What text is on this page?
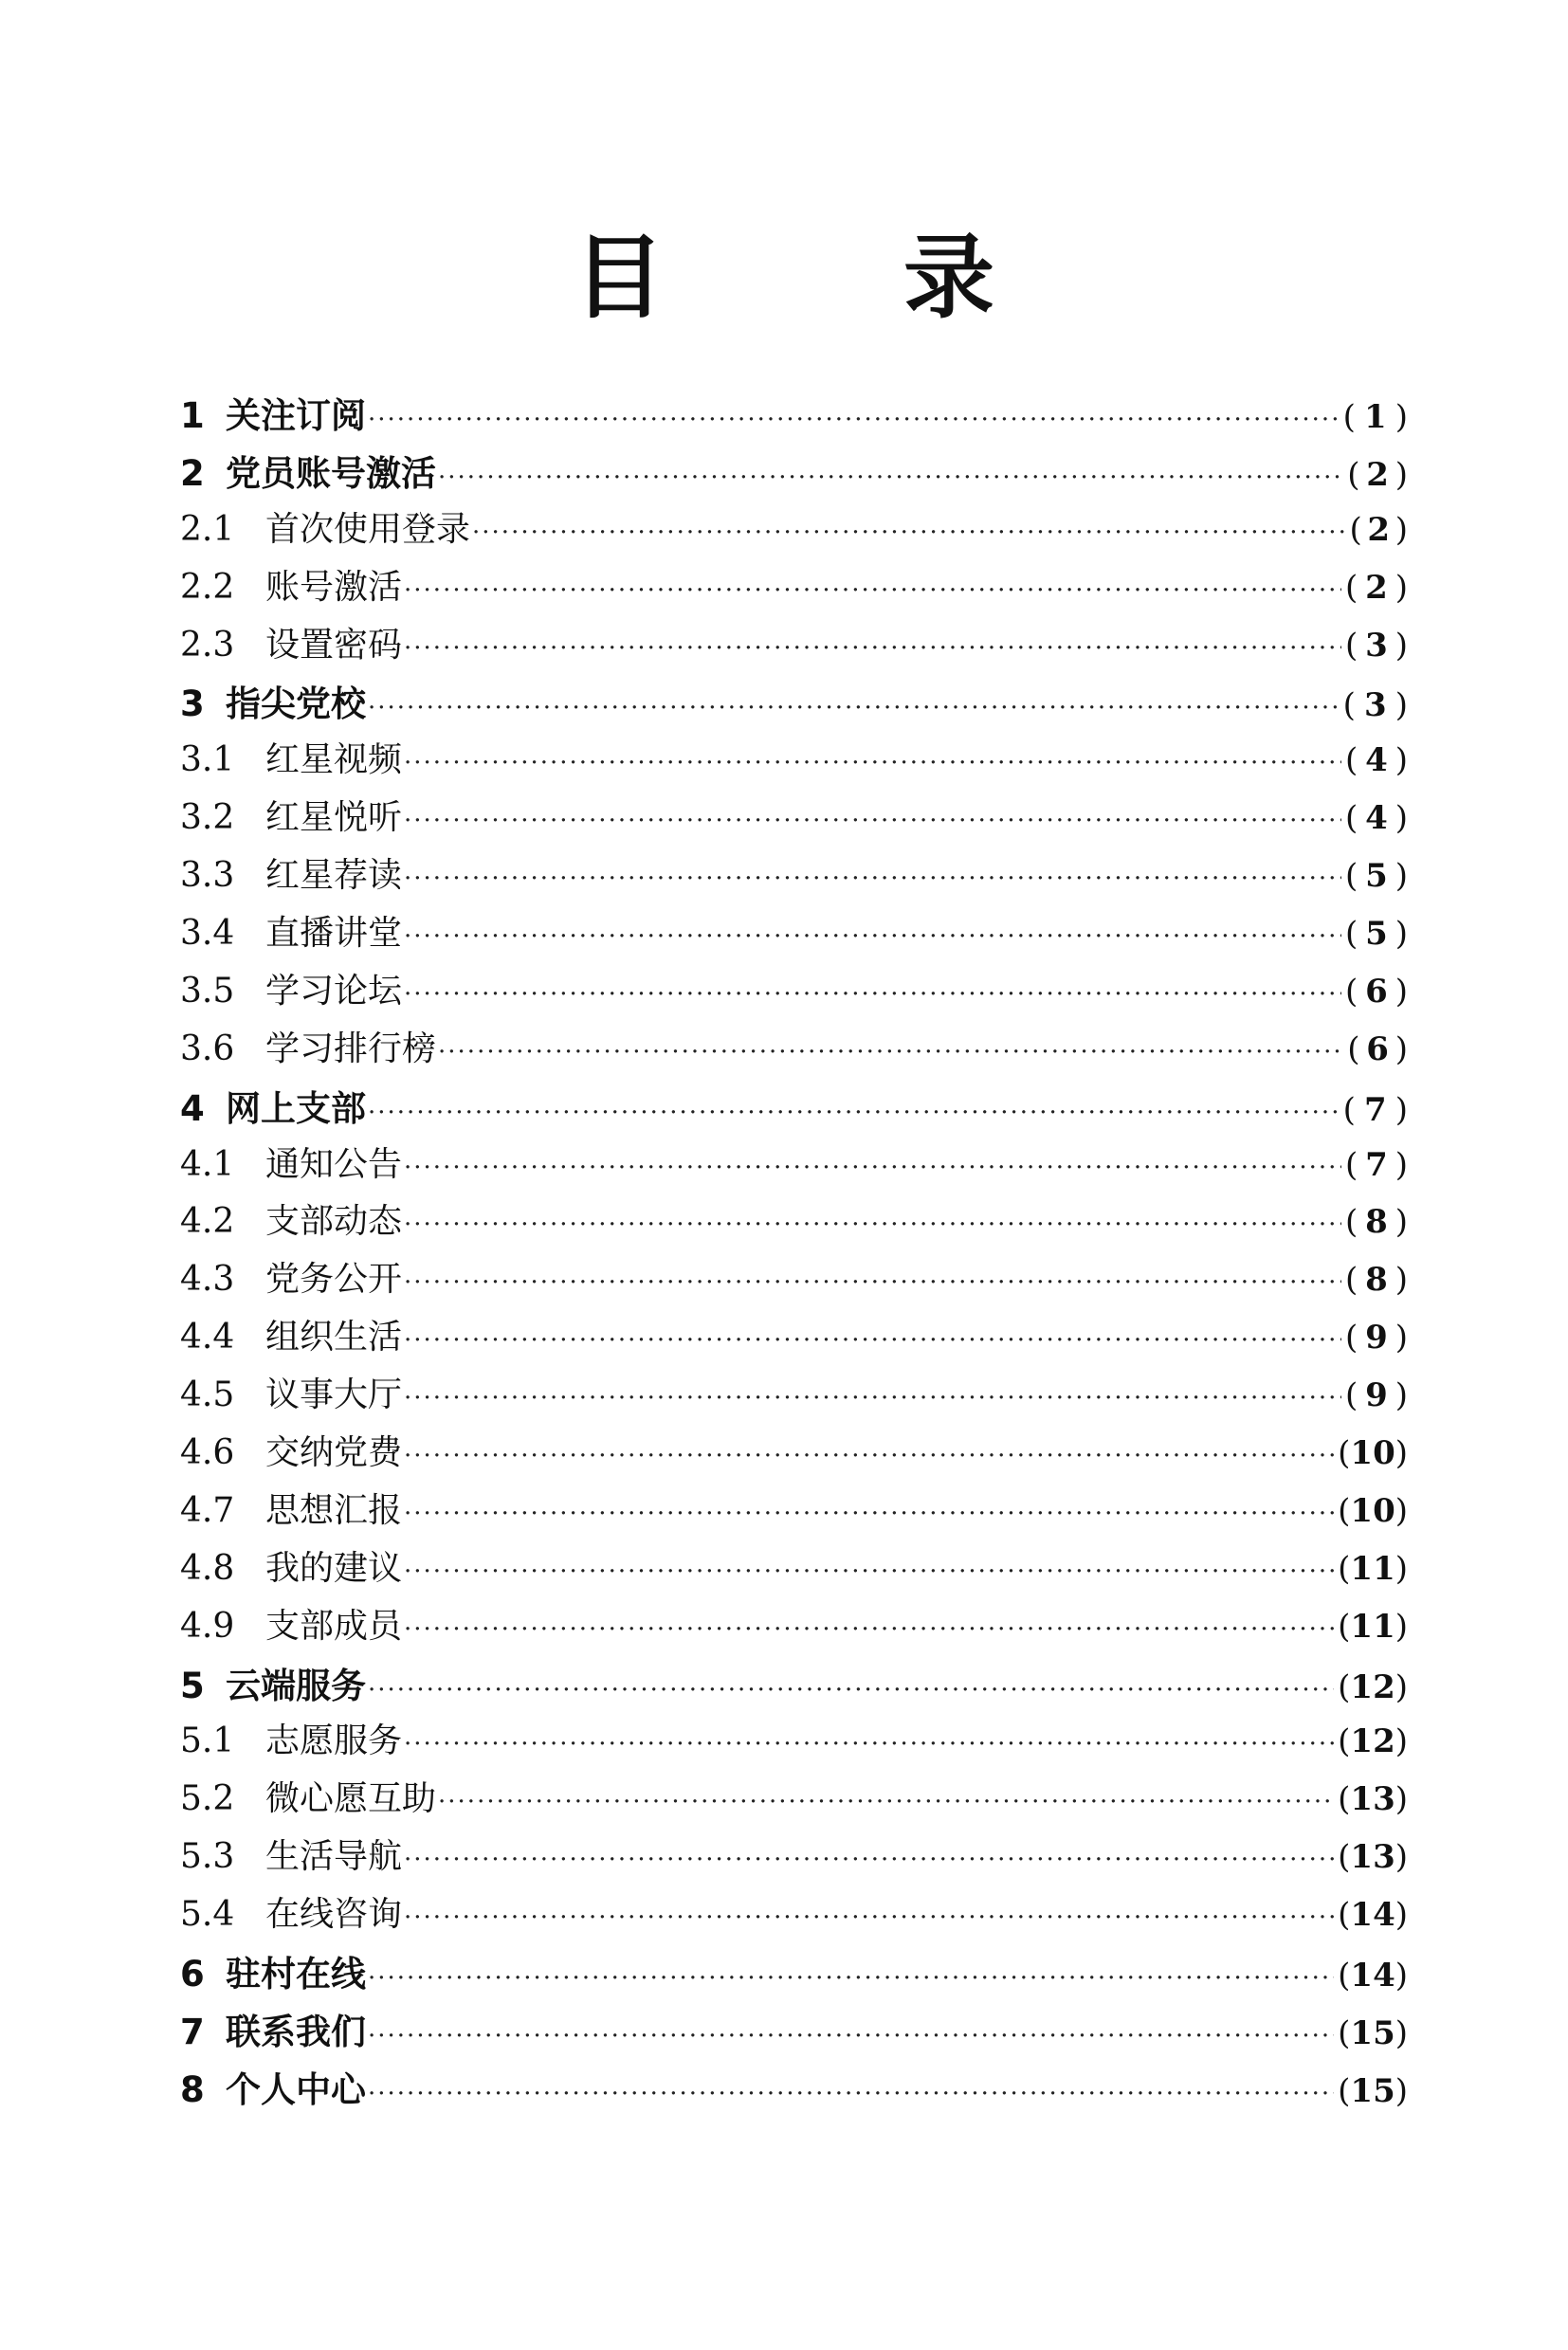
目　录
1 关注订阅 ·····	( 1 )
2 党员账号激活 ·····	( 2 )
2.1 首次使用登录 ·····	( 2 )
2.2 账号激活 ·····	( 2 )
2.3 设置密码 ·····	( 3 )
3 指尖党校 ·····	( 3 )
3.1 红星视频 ·····	( 4 )
3.2 红星悦听 ·····	( 4 )
3.3 红星荐读 ·····	( 5 )
3.4 直播讲堂 ·····	( 5 )
3.5 学习论坛 ·····	( 6 )
3.6 学习排行榜 ·····	( 6 )
4 网上支部 ·····	( 7 )
4.1 通知公告 ·····	( 7 )
4.2 支部动态 ·····	( 8 )
4.3 党务公开 ·····	( 8 )
4.4 组织生活 ·····	( 9 )
4.5 议事大厅 ·····	( 9 )
4.6 交纳党费 ·····	( 10 )
4.7 思想汇报 ·····	( 10 )
4.8 我的建议 ·····	( 11 )
4.9 支部成员 ·····	( 11 )
5 云端服务 ·····	( 12 )
5.1 志愿服务 ·····	( 12 )
5.2 微心愿互助 ·····	( 13 )
5.3 生活导航 ·····	( 13 )
5.4 在线咨询 ·····	( 14 )
6 驻村在线 ·····	( 14 )
7 联系我们 ·····	( 15 )
8 个人中心 ·····	( 15 )
